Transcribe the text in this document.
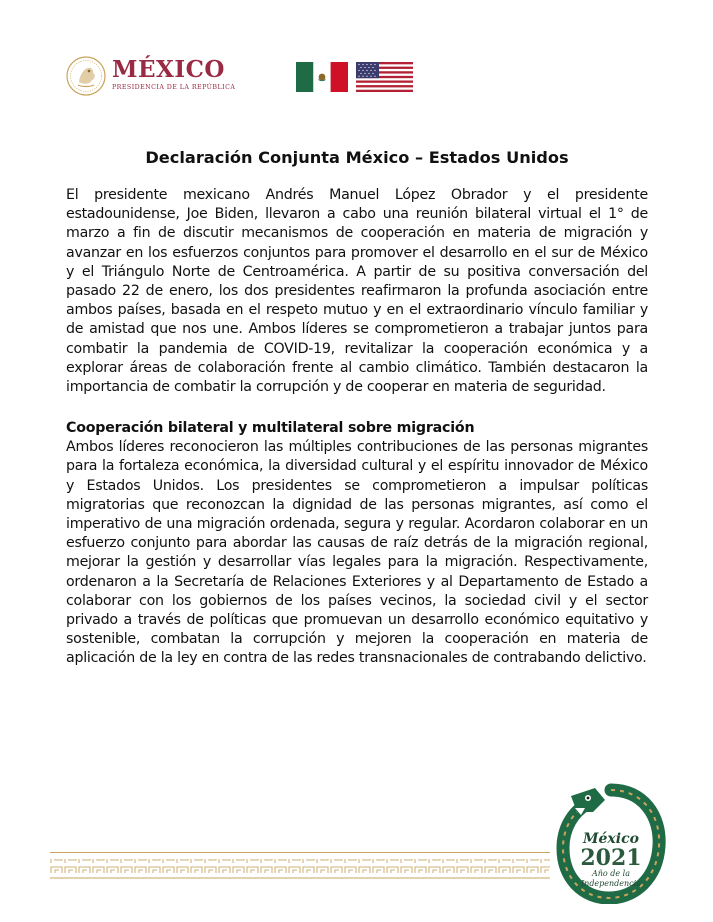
MÉXICO
PRESIDENCIA DE LA REPÚBLICA
Declaración Conjunta México – Estados Unidos

El presidente mexicano Andrés Manuel López Obrador y el presidente estadounidense, Joe Biden, llevaron a cabo una reunión bilateral virtual el 1° de marzo a fin de discutir mecanismos de cooperación en materia de migración y avanzar en los esfuerzos conjuntos para promover el desarrollo en el sur de México y el Triángulo Norte de Centroamérica. A partir de su positiva conversación del pasado 22 de enero, los dos presidentes reafirmaron la profunda asociación entre ambos países, basada en el respeto mutuo y en el extraordinario vínculo familiar y de amistad que nos une. Ambos líderes se comprometieron a trabajar juntos para combatir la pandemia de COVID-19, revitalizar la cooperación económica y a explorar áreas de colaboración frente al cambio climático. También destacaron la importancia de combatir la corrupción y de cooperar en materia de seguridad.

Cooperación bilateral y multilateral sobre migración

Ambos líderes reconocieron las múltiples contribuciones de las personas migrantes para la fortaleza económica, la diversidad cultural y el espíritu innovador de México y Estados Unidos. Los presidentes se comprometieron a impulsar políticas migratorias que reconozcan la dignidad de las personas migrantes, así como el imperativo de una migración ordenada, segura y regular. Acordaron colaborar en un esfuerzo conjunto para abordar las causas de raíz detrás de la migración regional, mejorar la gestión y desarrollar vías legales para la migración. Respectivamente, ordenaron a la Secretaría de Relaciones Exteriores y al Departamento de Estado a colaborar con los gobiernos de los países vecinos, la sociedad civil y el sector privado a través de políticas que promuevan un desarrollo económico equitativo y sostenible, combatan la corrupción y mejoren la cooperación en materia de aplicación de la ley en contra de las redes transnacionales de contrabando delictivo.

México
2021
Año de la
Independencia
